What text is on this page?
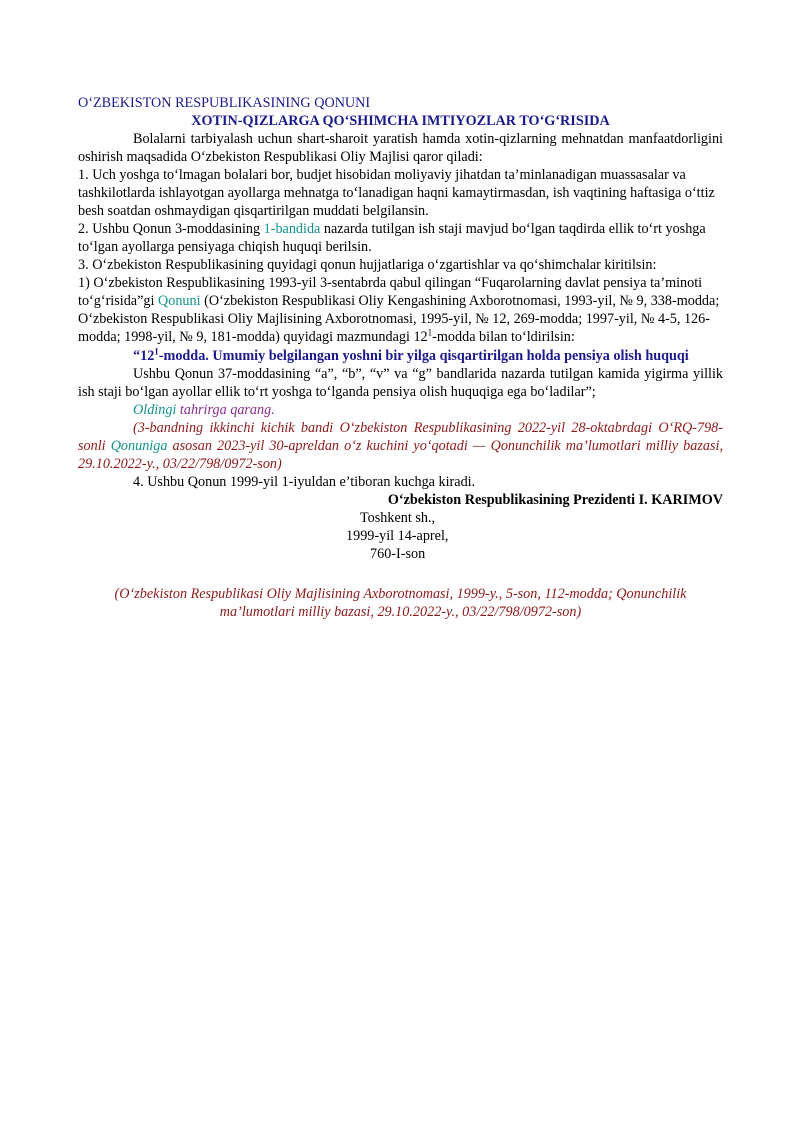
O‘ZBEKISTON RESPUBLIKASINING QONUNI

XOTIN-QIZLARGA QO‘SHIMCHA IMTIYOZLAR TO‘G‘RISIDA

Bolalarni tarbiyalash uchun shart-sharoit yaratish hamda xotin-qizlarning mehnatdan manfaatdorligini oshirish maqsadida O‘zbekiston Respublikasi Oliy Majlisi qaror qiladi:

1. Uch yoshga to‘lmagan bolalari bor, budjet hisobidan moliyaviy jihatdan ta’minlanadigan muassasalar va tashkilotlarda ishlayotgan ayollarga mehnatga to‘lanadigan haqni kamaytirmasdan, ish vaqtining haftasiga o‘ttiz besh soatdan oshmaydigan qisqartirilgan muddati belgilansin.

2. Ushbu Qonun 3-moddasining 1-bandida nazarda tutilgan ish staji mavjud bo‘lgan taqdirda ellik to‘rt yoshga to‘lgan ayollarga pensiyaga chiqish huquqi berilsin.

3. O‘zbekiston Respublikasining quyidagi qonun hujjatlariga o‘zgartishlar va qo‘shimchalar kiritilsin:

1) O‘zbekiston Respublikasining 1993-yil 3-sentabrda qabul qilingan “Fuqarolarning davlat pensiya ta’minoti to‘g‘risida”gi Qonuni (O‘zbekiston Respublikasi Oliy Kengashining Axborotnomasi, 1993-yil, № 9, 338-modda; O‘zbekiston Respublikasi Oliy Majlisining Axborotnomasi, 1995-yil, № 12, 269-modda; 1997-yil, № 4-5, 126-modda; 1998-yil, № 9, 181-modda) quyidagi mazmundagi $12^1$-modda bilan to‘ldirilsin:

“$12^1$-modda. Umumiy belgilangan yoshni bir yilga qisqartirilgan holda pensiya olish huquqi

Ushbu Qonun 37-moddasining “a”, “b”, “v” va “g” bandlarida nazarda tutilgan kamida yigirma yillik ish staji bo‘lgan ayollar ellik to‘rt yoshga to‘lganda pensiya olish huquqiga ega bo‘ladilar”;

Oldingi tahrirga qarang.

(3-bandning ikkinchi kichik bandi O‘zbekiston Respublikasining 2022-yil 28-oktabrdagi O‘RQ-798-sonli Qonuniga asosan 2023-yil 30-apreldan o‘z kuchini yo‘qotadi — Qonunchilik ma’lumotlari milliy bazasi, 29.10.2022-y., 03/22/798/0972-son)

4. Ushbu Qonun 1999-yil 1-iyuldan e’tiboran kuchga kiradi.

O‘zbekiston Respublikasining Prezidenti I. KARIMOV

Toshkent sh.,

1999-yil 14-aprel,

760-I-son

(O‘zbekiston Respublikasi Oliy Majlisining Axborotnomasi, 1999-y., 5-son, 112-modda; Qonunchilik ma’lumotlari milliy bazasi, 29.10.2022-y., 03/22/798/0972-son)
